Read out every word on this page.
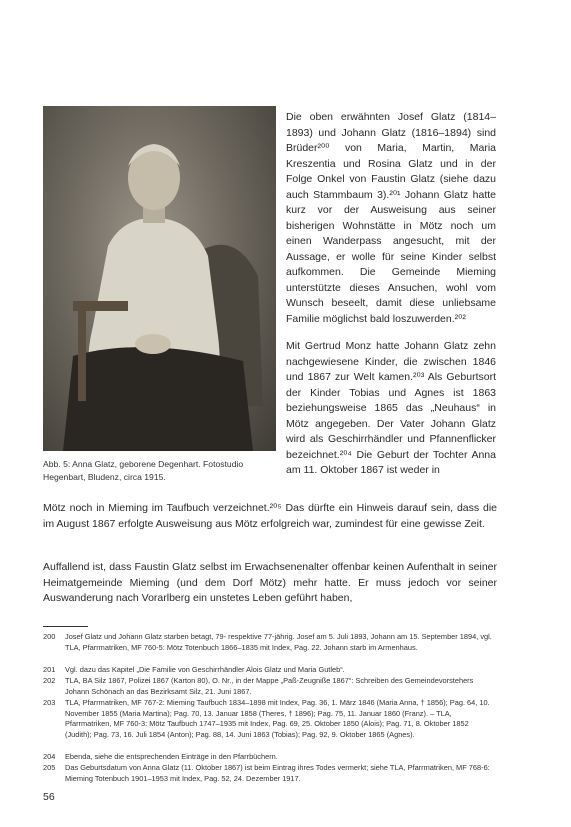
Abb. 5: Anna Glatz, geborene Degenhart. Fotostudio Hegenbart, Bludenz, circa 1915.

Die oben erwähnten Josef Glatz (1814–1893) und Johann Glatz (1816–1894) sind Brüder²⁰⁰ von Maria, Martin, Maria Kreszentia und Rosina Glatz und in der Folge Onkel von Faustin Glatz (siehe dazu auch Stammbaum 3).²⁰¹ Johann Glatz hatte kurz vor der Ausweisung aus seiner bisherigen Wohnstätte in Mötz noch um einen Wanderpass angesucht, mit der Aussage, er wolle für seine Kinder selbst aufkommen. Die Gemeinde Mieming unterstützte dieses Ansuchen, wohl vom Wunsch beseelt, damit diese unliebsame Familie möglichst bald loszuwerden.²⁰²

Mit Gertrud Monz hatte Johann Glatz zehn nachgewiesene Kinder, die zwischen 1846 und 1867 zur Welt kamen.²⁰³ Als Geburtsort der Kinder Tobias und Agnes ist 1863 beziehungsweise 1865 das „Neuhaus“ in Mötz angegeben. Der Vater Johann Glatz wird als Geschirrhändler und Pfannenflicker bezeichnet.²⁰⁴ Die Geburt der Tochter Anna am 11. Oktober 1867 ist weder in

Mötz noch in Mieming im Taufbuch verzeichnet.²⁰⁵ Das dürfte ein Hinweis darauf sein, dass die im August 1867 erfolgte Ausweisung aus Mötz erfolgreich war, zumindest für eine gewisse Zeit.
Auffallend ist, dass Faustin Glatz selbst im Erwachsenenalter offenbar keinen Aufenthalt in seiner Heimatgemeinde Mieming (und dem Dorf Mötz) mehr hatte. Er muss jedoch vor seiner Auswanderung nach Vorarlberg ein unstetes Leben geführt haben,
200	Josef Glatz und Johann Glatz starben betagt, 79- respektive 77-jährig. Josef am 5. Juli 1893, Johann am 15. September 1894, vgl. TLA, Pfarrmatriken, MF 760-5: Mötz Totenbuch 1866–1835 mit Index, Pag. 22. Johann starb im Armenhaus.
201	Vgl. dazu das Kapitel „Die Familie von Geschirrhändler Alois Glatz und Maria Gutleb“.
202	TLA, BA Silz 1867, Polizei 1867 (Karton 80), O. Nr., in der Mappe „Paß-Zeugniße 1867“: Schreiben des Gemeindevorstehers Johann Schönach an das Bezirksamt Silz, 21. Juni 1867.
203	TLA, Pfarrmatriken, MF 767-2: Mieming Taufbuch 1834–1898 mit Index, Pag. 36, 1. März 1846 (Maria Anna, † 1856); Pag. 64, 10. November 1855 (Maria Martina); Pag. 70, 13. Januar 1858 (Theres, † 1896); Pag. 75, 11. Januar 1860 (Franz). – TLA, Pfarrmatriken, MF 760-3: Mötz Taufbuch 1747–1935 mit Index, Pag. 69, 25. Oktober 1850 (Alois); Pag. 71, 8. Oktober 1852 (Judith); Pag. 73, 16. Juli 1854 (Anton); Pag. 88, 14. Juni 1863 (Tobias); Pag. 92, 9. Oktober 1865 (Agnes).
204	Ebenda, siehe die entsprechenden Einträge in den Pfarrbüchern.
205	Das Geburtsdatum von Anna Glatz (11. Oktober 1867) ist beim Eintrag ihres Todes vermerkt; siehe TLA, Pfarrmatriken, MF 768-6: Mieming Totenbuch 1901–1953 mit Index, Pag. 52, 24. Dezember 1917.
56
